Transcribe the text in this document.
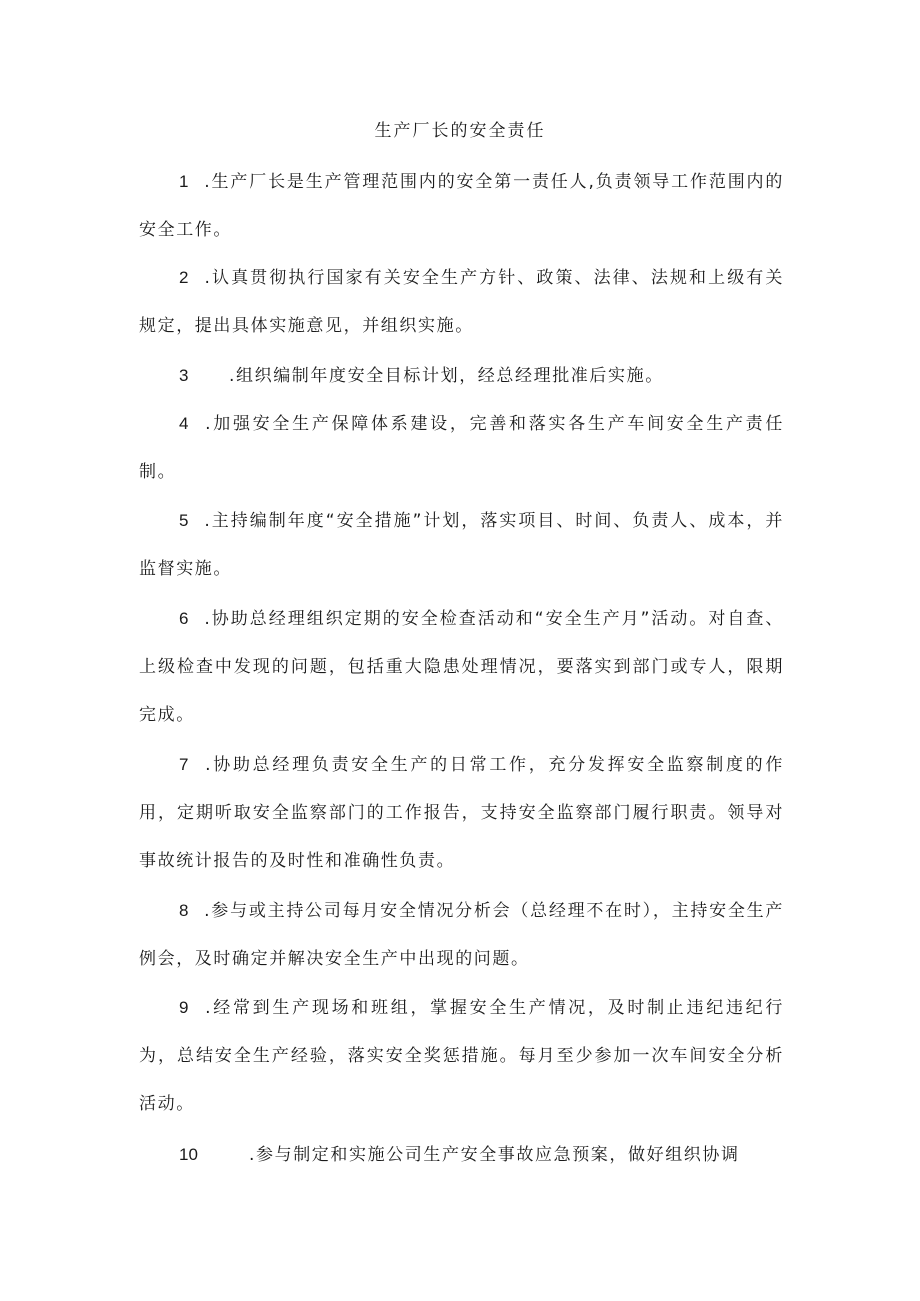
生产厂长的安全责任

1 .生产厂长是生产管理范围内的安全第一责任人,负责领导工作范围内的安全工作。

2 .认真贯彻执行国家有关安全生产方针、政策、法律、法规和上级有关规定，提出具体实施意见，并组织实施。

3 .组织编制年度安全目标计划，经总经理批准后实施。

4 .加强安全生产保障体系建设，完善和落实各生产车间安全生产责任制。

5 .主持编制年度“安全措施”计划，落实项目、时间、负责人、成本，并监督实施。

6 .协助总经理组织定期的安全检查活动和“安全生产月”活动。对自查、上级检查中发现的问题，包括重大隐患处理情况，要落实到部门或专人，限期完成。

7 .协助总经理负责安全生产的日常工作，充分发挥安全监察制度的作用，定期听取安全监察部门的工作报告，支持安全监察部门履行职责。领导对事故统计报告的及时性和准确性负责。

8 .参与或主持公司每月安全情况分析会（总经理不在时），主持安全生产例会，及时确定并解决安全生产中出现的问题。

9 .经常到生产现场和班组，掌握安全生产情况，及时制止违纪违纪行为，总结安全生产经验，落实安全奖惩措施。每月至少参加一次车间安全分析活动。

10	.参与制定和实施公司生产安全事故应急预案，做好组织协调
